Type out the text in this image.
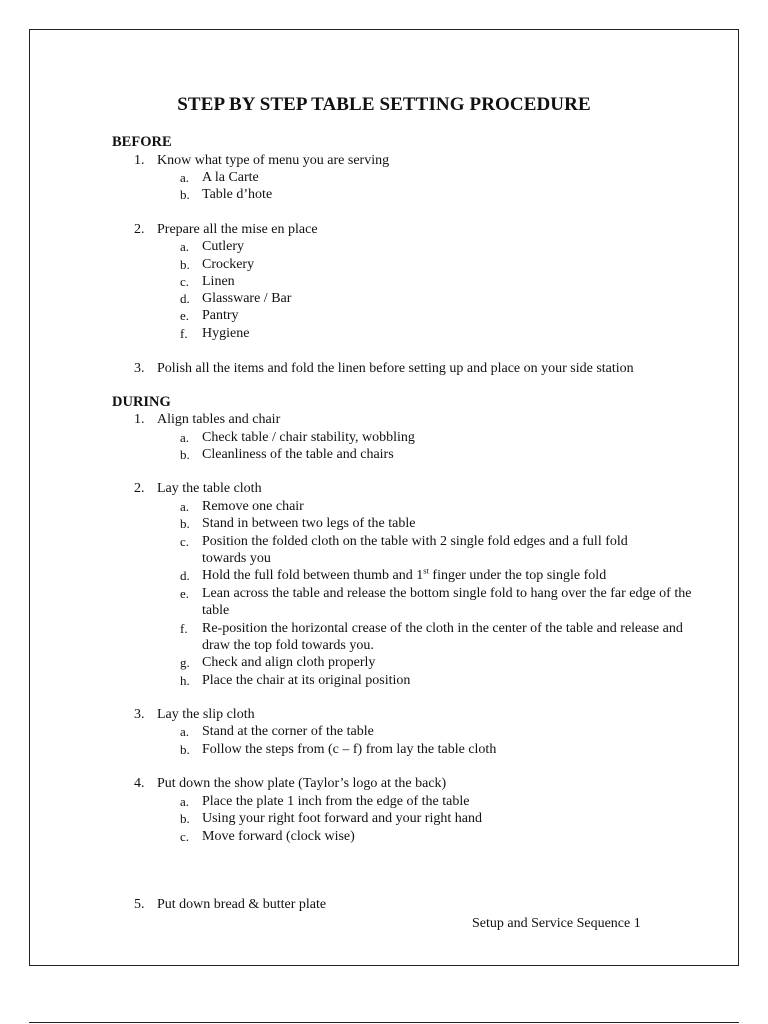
STEP BY STEP TABLE SETTING PROCEDURE
BEFORE
1. Know what type of menu you are serving
a. A la Carte
b. Table d’hote
2. Prepare all the mise en place
a. Cutlery
b. Crockery
c. Linen
d. Glassware / Bar
e. Pantry
f. Hygiene
3. Polish all the items and fold the linen before setting up and place on your side station
DURING
1. Align tables and chair
a. Check table / chair stability, wobbling
b. Cleanliness of the table and chairs
2. Lay the table cloth
a. Remove one chair
b. Stand in between two legs of the table
c. Position the folded cloth on the table with 2 single fold edges and a full fold towards you
d. Hold the full fold between thumb and 1st finger under the top single fold
e. Lean across the table and release the bottom single fold to hang over the far edge of the table
f. Re-position the horizontal crease of the cloth in the center of the table and release and draw the top fold towards you.
g. Check and align cloth properly
h. Place the chair at its original position
3. Lay the slip cloth
a. Stand at the corner of the table
b. Follow the steps from (c – f) from lay the table cloth
4. Put down the show plate (Taylor’s logo at the back)
a. Place the plate 1 inch from the edge of the table
b. Using your right foot forward and your right hand
c. Move forward (clock wise)
5. Put down bread & butter plate
Setup and Service Sequence 1
